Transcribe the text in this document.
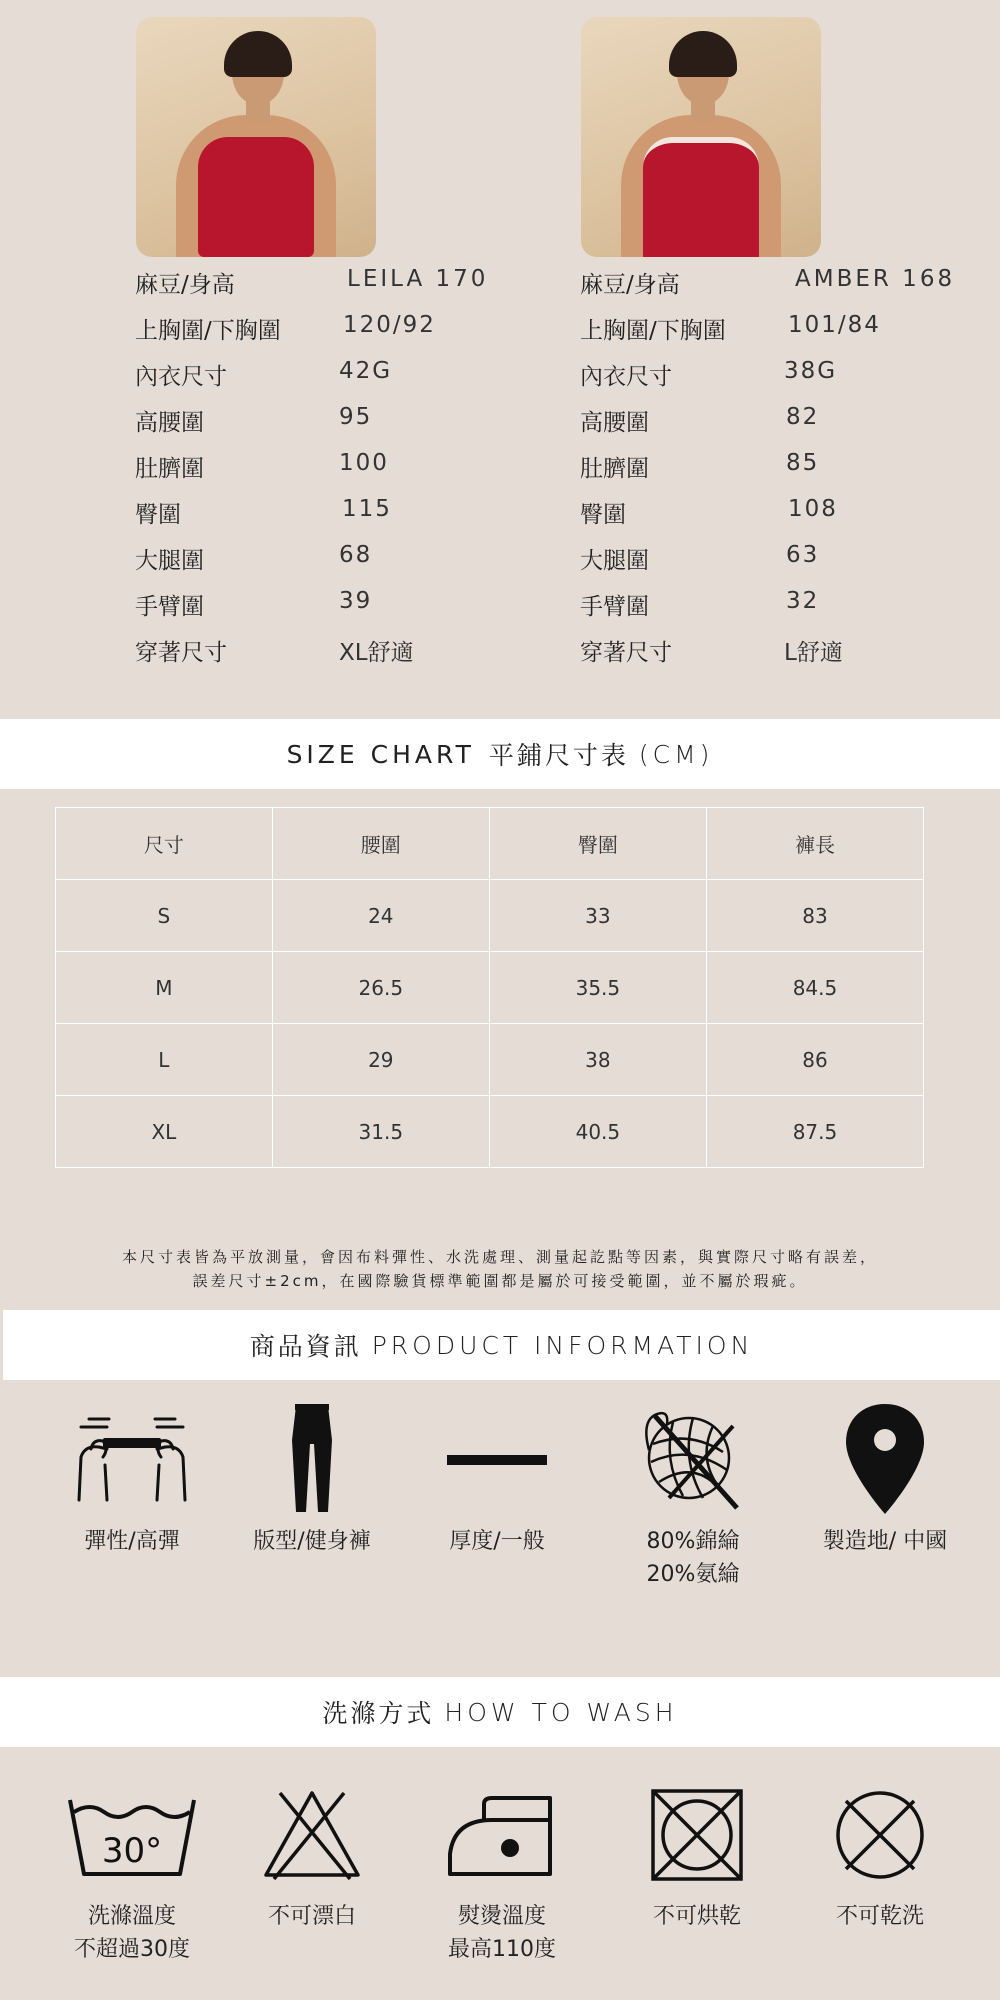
麻豆/身高	LEILA 170
上胸圍/下胸圍	120/92
內衣尺寸	42G
高腰圍	95
肚臍圍	100
臀圍	115
大腿圍	68
手臂圍	39
穿著尺寸	XL舒適
麻豆/身高	AMBER 168
上胸圍/下胸圍	101/84
內衣尺寸	38G
高腰圍	82
肚臍圍	85
臀圍	108
大腿圍	63
手臂圍	32
穿著尺寸	L舒適
SIZE CHART 平鋪尺寸表 (CM)
尺寸	腰圍	臀圍	褲長
S	24	33	83
M	26.5	35.5	84.5
L	29	38	86
XL	31.5	40.5	87.5
本尺寸表皆為平放測量，會因布料彈性、水洗處理、測量起訖點等因素，與實際尺寸略有誤差，
誤差尺寸±2cm，在國際驗貨標準範圍都是屬於可接受範圍，並不屬於瑕疵。
商品資訊 PRODUCT INFORMATION
彈性/高彈	版型/健身褲	厚度/一般	80%錦綸
20%氨綸
製造地/ 中國
洗滌方式 HOW TO WASH
30°
洗滌溫度
不超過30度
不可漂白	熨燙溫度
最高110度
不可烘乾	不可乾洗
